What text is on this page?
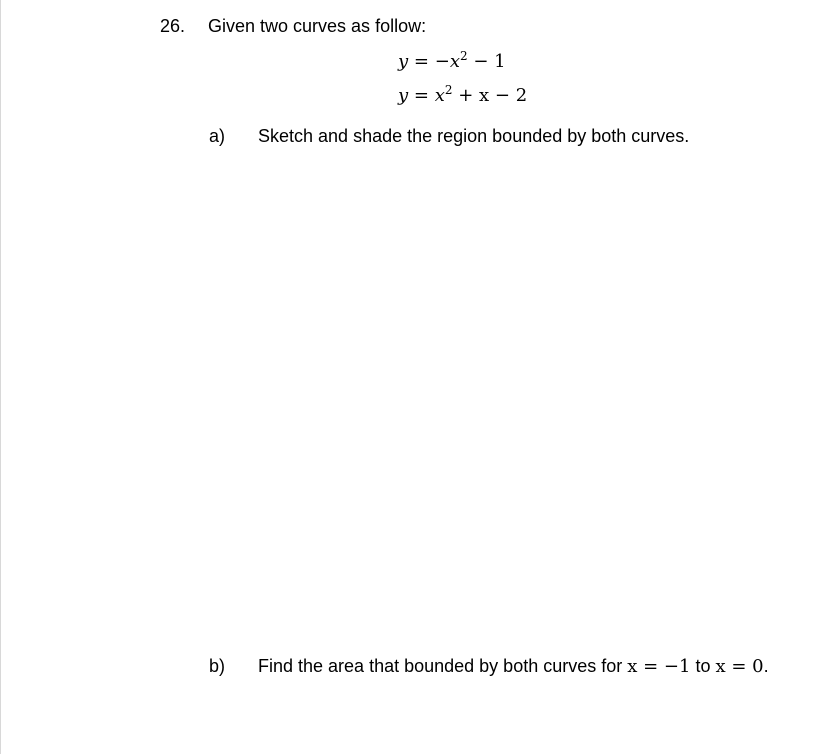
26. Given two curves as follow:
$y = -x^2 - 1$
$y = x^2 + x - 2$
a) Sketch and shade the region bounded by both curves.
b) Find the area that bounded by both curves for x = −1 to x = 0.
